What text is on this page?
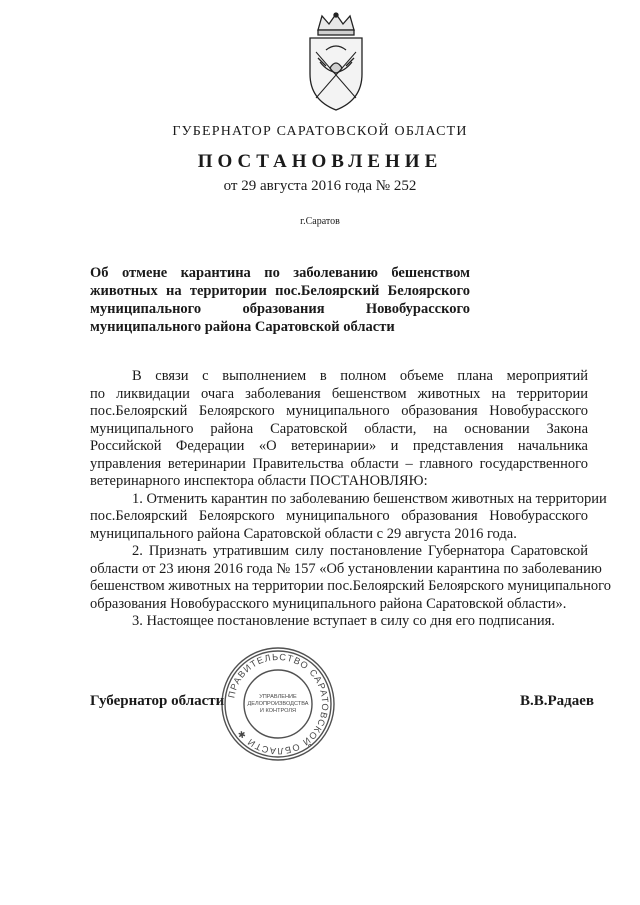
ГУБЕРНАТОР САРАТОВСКОЙ ОБЛАСТИ
ПОСТАНОВЛЕНИЕ
от 29 августа 2016 года № 252
г.Саратов
Об отмене карантина по заболеванию бешенством
животных на территории пос.Белоярский Белоярского
муниципального образования Новобурасского
муниципального района Саратовской области
В связи с выполнением в полном объеме плана мероприятий
по ликвидации очага заболевания бешенством животных на территории
пос.Белоярский Белоярского муниципального образования Новобурасского
муниципального района Саратовской области, на основании Закона
Российской Федерации «О ветеринарии» и представления начальника
управления ветеринарии Правительства области – главного государственного
ветеринарного инспектора области ПОСТАНОВЛЯЮ:
1. Отменить карантин по заболеванию бешенством животных на территории
пос.Белоярский Белоярского муниципального образования Новобурасского
муниципального района Саратовской области с 29 августа 2016 года.
2. Признать утратившим силу постановление Губернатора Саратовской
области от 23 июня 2016 года № 157 «Об установлении карантина по заболеванию
бешенством животных на территории пос.Белоярский Белоярского муниципального
образования Новобурасского муниципального района Саратовской области».
3. Настоящее постановление вступает в силу со дня его подписания.
Губернатор области	В.В.Радаев
ПРАВИТЕЛЬСТВО САРАТОВСКОЙ ОБЛАСТИ ✱
УПРАВЛЕНИЕ
ДЕЛОПРОИЗВОДСТВА
И КОНТРОЛЯ
